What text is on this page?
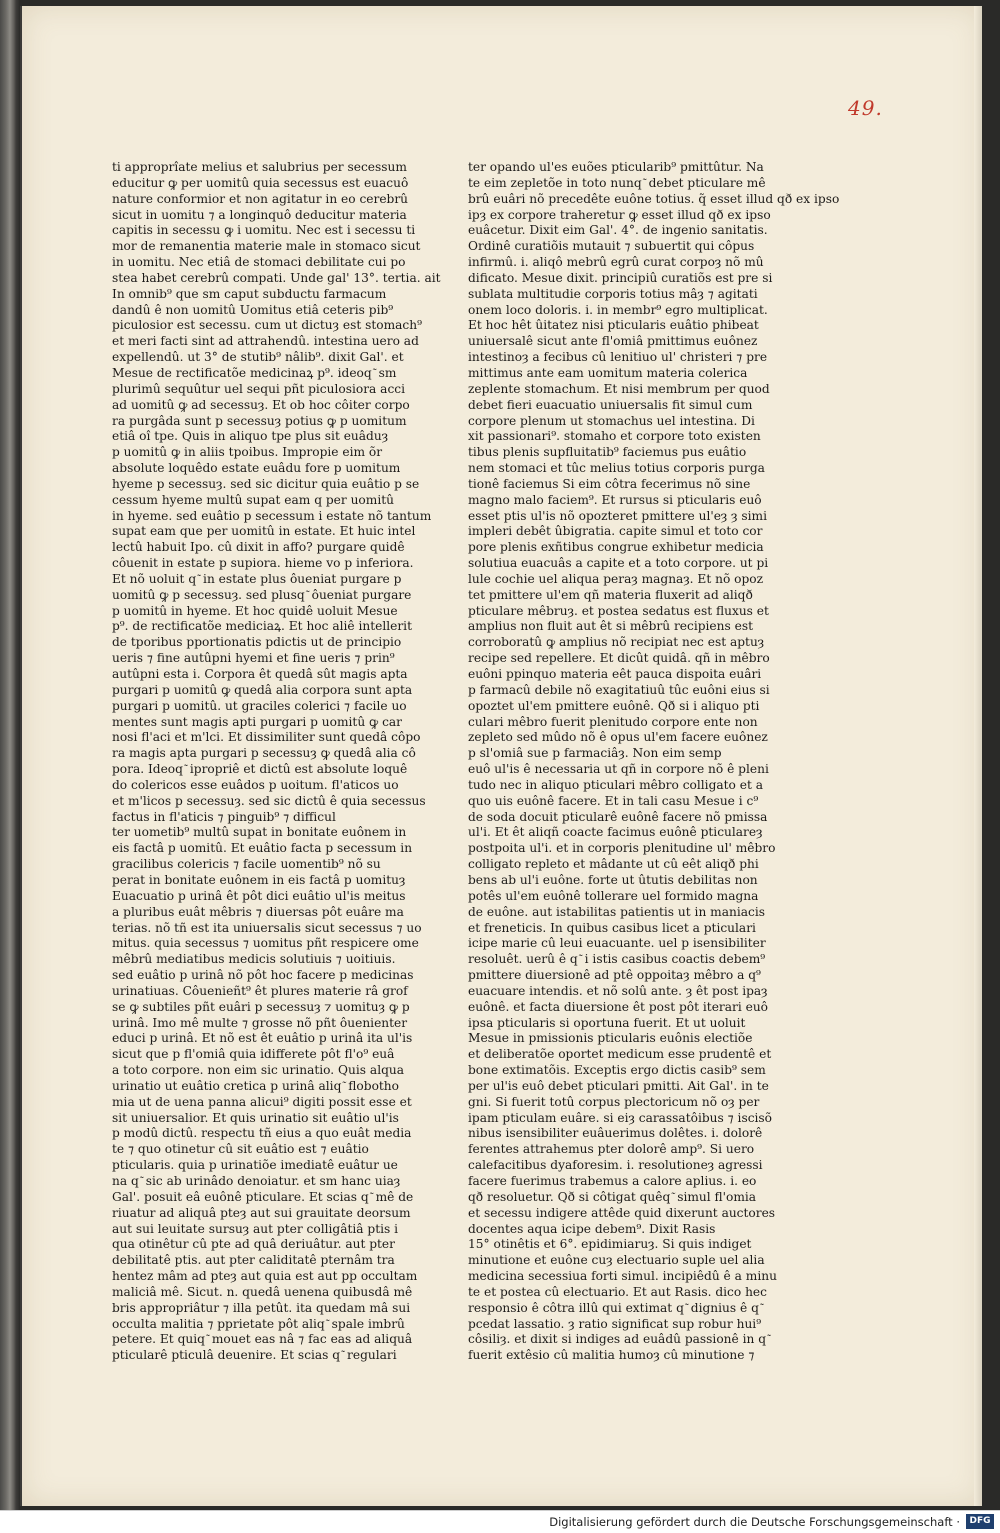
49.
ti approprîate melius et salubrius per secessum
educitur ꝙ per uomitû quia secessus est euacuô
nature conformior et non agitatur in eo cerebrû
sicut in uomitu ⁊ a longinquô deducitur materia
capitis in secessu ꝙ i uomitu. Nec est i secessu ti
mor de remanentia materie male in stomaco sicut
in uomitu. Nec etiâ de stomaci debilitate cui po
stea habet cerebrû compati. Unde gal' 13°. tertia. ait
In omnib⁹ que sm caput subductu farmacum
dandû ê non uomitû Uomitus etiâ ceteris pib⁹
piculosior est secessu. cum ut dictuȝ est stomach⁹
et meri facti sint ad attrahendû. intestina uero ad
expellendû. ut 3° de stutib⁹ nâlib⁹. dixit Gal'. et
Mesue de rectificatõe medicinaꝝ p⁹. ideoq ͂ sm
plurimû sequûtur uel sequi pñt piculosiora acci
ad uomitû ꝙ ad secessuȝ. Et ob hoc côiter corpo
ra purgâda sunt p secessuȝ potius ꝙ p uomitum
etiâ oî tpe. Quis in aliquo tpe plus sit euâduȝ
p uomitû ꝙ in aliis tpoibus. Impropie eim õr
absolute loquêdo estate euâdu fore p uomitum
hyeme p secessuȝ. sed sic dicitur quia euâtio p se
cessum hyeme multû supat eam q per uomitû
in hyeme. sed euâtio p secessum i estate nõ tantum
supat eam que per uomitû in estate. Et huic intel
lectû habuit Ipo. cû dixit in affo? purgare quidê
côuenit in estate p supiora. hieme vo p inferiora.
Et nõ uoluit q ͂ in estate plus ôueniat purgare p
uomitû ꝙ p secessuȝ. sed plusq ͂ ôueniat purgare
p uomitû in hyeme. Et hoc quidê uoluit Mesue
p⁹. de rectificatõe mediciaꝝ. Et hoc aliê intellerit
de tporibus pportionatis pdictis ut de principio
ueris ⁊ fine autûpni hyemi et fine ueris ⁊ prin⁹
autûpni esta i. Corpora êt quedâ sût magis apta
purgari p uomitû ꝙ quedâ alia corpora sunt apta
purgari p uomitû. ut graciles colerici ⁊ facile uo
mentes sunt magis apti purgari p uomitû ꝙ car
nosi fl'aci et m'lci. Et dissimiliter sunt quedâ côpo
ra magis apta purgari p secessuȝ ꝙ quedâ alia cô
pora. Ideoq ͂ ipropriê et dictû est absolute loquê
do colericos esse euâdos p uoitum. fl'aticos uo
et m'licos p secessuȝ. sed sic dictû ê quia secessus
factus in fl'aticis ⁊ pinguib⁹ ⁊ difficul
ter uometib⁹ multû supat in bonitate euônem in
eis factâ p uomitû. Et euâtio facta p secessum in
gracilibus colericis ⁊ facile uomentib⁹ nõ su
perat in bonitate euônem in eis factâ p uomituȝ
Euacuatio p urinâ êt pôt dici euâtio ul'is meitus
a pluribus euât mêbris ⁊ diuersas pôt euâre ma
terias. nõ tñ est ita uniuersalis sicut secessus ⁊ uo
mitus. quia secessus ⁊ uomitus pñt respicere ome
mêbrû mediatibus medicis solutiuis ⁊ uoitiuis.
sed euâtio p urinâ nõ pôt hoc facere p medicinas
urinatiuas. Côuenieñt⁹ êt plures materie râ grof
se ꝙ subtiles pñt euâri p secessuȝ ⁊ uomituȝ ꝙ p
urinâ. Imo mê multe ⁊ grosse nõ pñt ôuenienter
educi p urinâ. Et nõ est êt euâtio p urinâ ita ul'is
sicut que p fl'omiâ quia idifferete pôt fl'o⁹ euâ
a toto corpore. non eim sic urinatio. Quis alqua
urinatio ut euâtio cretica p urinâ aliq ͂ flobotho
mia ut de uena panna alicui⁹ digiti possit esse et
sit uniuersalior. Et quis urinatio sit euâtio ul'is
p modû dictû. respectu tñ eius a quo euât media
te ⁊ quo otinetur cû sit euâtio est ⁊ euâtio
pticularis. quia p urinatiõe imediatê euâtur ue
na q ͂ sic ab urinâdo denoiatur. et sm hanc uiaȝ
Gal'. posuit eâ euônê pticulare. Et scias q ͂ mê de
riuatur ad aliquâ pteȝ aut sui grauitate deorsum
aut sui leuitate sursuȝ aut pter colligâtiâ ptis i
qua otinêtur cû pte ad quâ deriuâtur. aut pter
debilitatê ptis. aut pter caliditatê pternâm tra
hentez mâm ad pteȝ aut quia est aut pp occultam
maliciâ mê. Sicut. n. quedâ uenena quibusdâ mê
bris appropriâtur ⁊ illa petût. ita quedam mâ sui
occulta malitia ⁊ pprietate pôt aliq ͂ spale imbrû
petere. Et quiq ͂ mouet eas nâ ⁊ fac eas ad aliquâ
pticularê pticulâ deuenire. Et scias q ͂ regulari
ter opando ul'es euões pticularib⁹ pmittûtur. Na
te eim zepletõe in toto nunq ͂ debet pticulare mê
brû euâri nõ precedête euône totius. q̃ esset illud qð ex ipso
ipȝ ex corpore traheretur ꝙ esset illud qð ex ipso
euâcetur. Dixit eim Gal'. 4°. de ingenio sanitatis.
Ordinê curatiõis mutauit ⁊ subuertit qui côpus
infirmû. i. aliqô mebrû egrû curat corpoȝ nõ mû
dificato. Mesue dixit. principiû curatiõs est pre si
sublata multitudie corporis totius mâȝ ⁊ agitati
onem loco doloris. i. in membr⁹ egro multiplicat.
Et hoc hêt ûitatez nisi pticularis euâtio phibeat
uniuersalê sicut ante fl'omiâ pmittimus euônez
intestinoȝ a fecibus cû lenitiuo ul' christeri ⁊ pre
mittimus ante eam uomitum materia colerica
zeplente stomachum. Et nisi membrum per quod
debet fieri euacuatio uniuersalis fit simul cum
corpore plenum ut stomachus uel intestina. Di
xit passionari⁹. stomaho et corpore toto existen
tibus plenis supfluitatib⁹ faciemus pus euâtio
nem stomaci et tûc melius totius corporis purga
tionê faciemus Si eim côtra fecerimus nõ sine
magno malo faciem⁹. Et rursus si pticularis euô
esset ptis ul'is nõ opozteret pmittere ul'eȝ ȝ simi
impleri debêt ûbigratia. capite simul et toto cor
pore plenis exñtibus congrue exhibetur medicia
solutiua euacuâs a capite et a toto corpore. ut pi
lule cochie uel aliqua peraȝ magnaȝ. Et nõ opoz
tet pmittere ul'em qñ materia fluxerit ad aliqð
pticulare mêbruȝ. et postea sedatus est fluxus et
amplius non fluit aut êt si mêbrû recipiens est
corroboratû ꝙ amplius nõ recipiat nec est aptuȝ
recipe sed repellere. Et dicût quidâ. qñ in mêbro
euôni ppinquo materia eêt pauca dispoita euâri
p farmacû debile nõ exagitatiuû tûc euôni eius si
opoztet ul'em pmittere euônê. Qð si i aliquo pti
culari mêbro fuerit plenitudo corpore ente non
zepleto sed mûdo nõ ê opus ul'em facere euônez
p sl'omiâ sue p farmaciâȝ. Non eim semp
euô ul'is ê necessaria ut qñ in corpore nõ ê pleni
tudo nec in aliquo pticulari mêbro colligato et a
quo uis euônê facere. Et in tali casu Mesue i c⁹
de soda docuit pticularê euônê facere nõ pmissa
ul'i. Et êt aliqñ coacte facimus euônê pticulareȝ
postpoita ul'i. et in corporis plenitudine ul' mêbro
colligato repleto et mâdante ut cû eêt aliqð phi
bens ab ul'i euône. forte ut ûtutis debilitas non
potês ul'em euônê tollerare uel formido magna
de euône. aut istabilitas patientis ut in maniacis
et freneticis. In quibus casibus licet a pticulari
icipe marie cû leui euacuante. uel p isensibiliter
resoluêt. uerû ê q ͂ i istis casibus coactis debem⁹
pmittere diuersionê ad ptê oppoitaȝ mêbro a q⁹
euacuare intendis. et nõ solû ante. ȝ êt post ipaȝ
euônê. et facta diuersione êt post pôt iterari euô
ipsa pticularis si oportuna fuerit. Et ut uoluit
Mesue in pmissionis pticularis euônis electiõe
et deliberatõe oportet medicum esse prudentê et
bone extimatõis. Exceptis ergo dictis casib⁹ sem
per ul'is euô debet pticulari pmitti. Ait Gal'. in te
gni. Si fuerit totû corpus plectoricum nõ oȝ per
ipam pticulam euâre. si eiȝ carassatôibus ⁊ iscisõ
nibus isensibiliter euâuerimus dolêtes. i. dolorê
ferentes attrahemus pter dolorê amp⁹. Si uero
calefacitibus dyaforesim. i. resolutioneȝ agressi
facere fuerimus trabemus a calore aplius. i. eo
qð resoluetur. Qð si côtigat quêq ͂ simul fl'omia
et secessu indigere attêde quid dixerunt auctores
docentes aqua icipe debem⁹. Dixit Rasis
15° otinêtis et 6°. epidimiaruȝ. Si quis indiget
minutione et euône cuȝ electuario suple uel alia
medicina secessiua forti simul. incipiêdû ê a minu
te et postea cû electuario. Et aut Rasis. dico hec
responsio ê côtra illû qui extimat q ͂ dignius ê q ͂
pcedat lassatio. ȝ ratio significat sup robur hui⁹
côsiliȝ. et dixit si indiges ad euâdû passionê in q ͂
fuerit extêsio cû malitia humoȝ cû minutione ⁊
Digitalisierung gefördert durch die Deutsche Forschungsgemeinschaft ·	DFG
